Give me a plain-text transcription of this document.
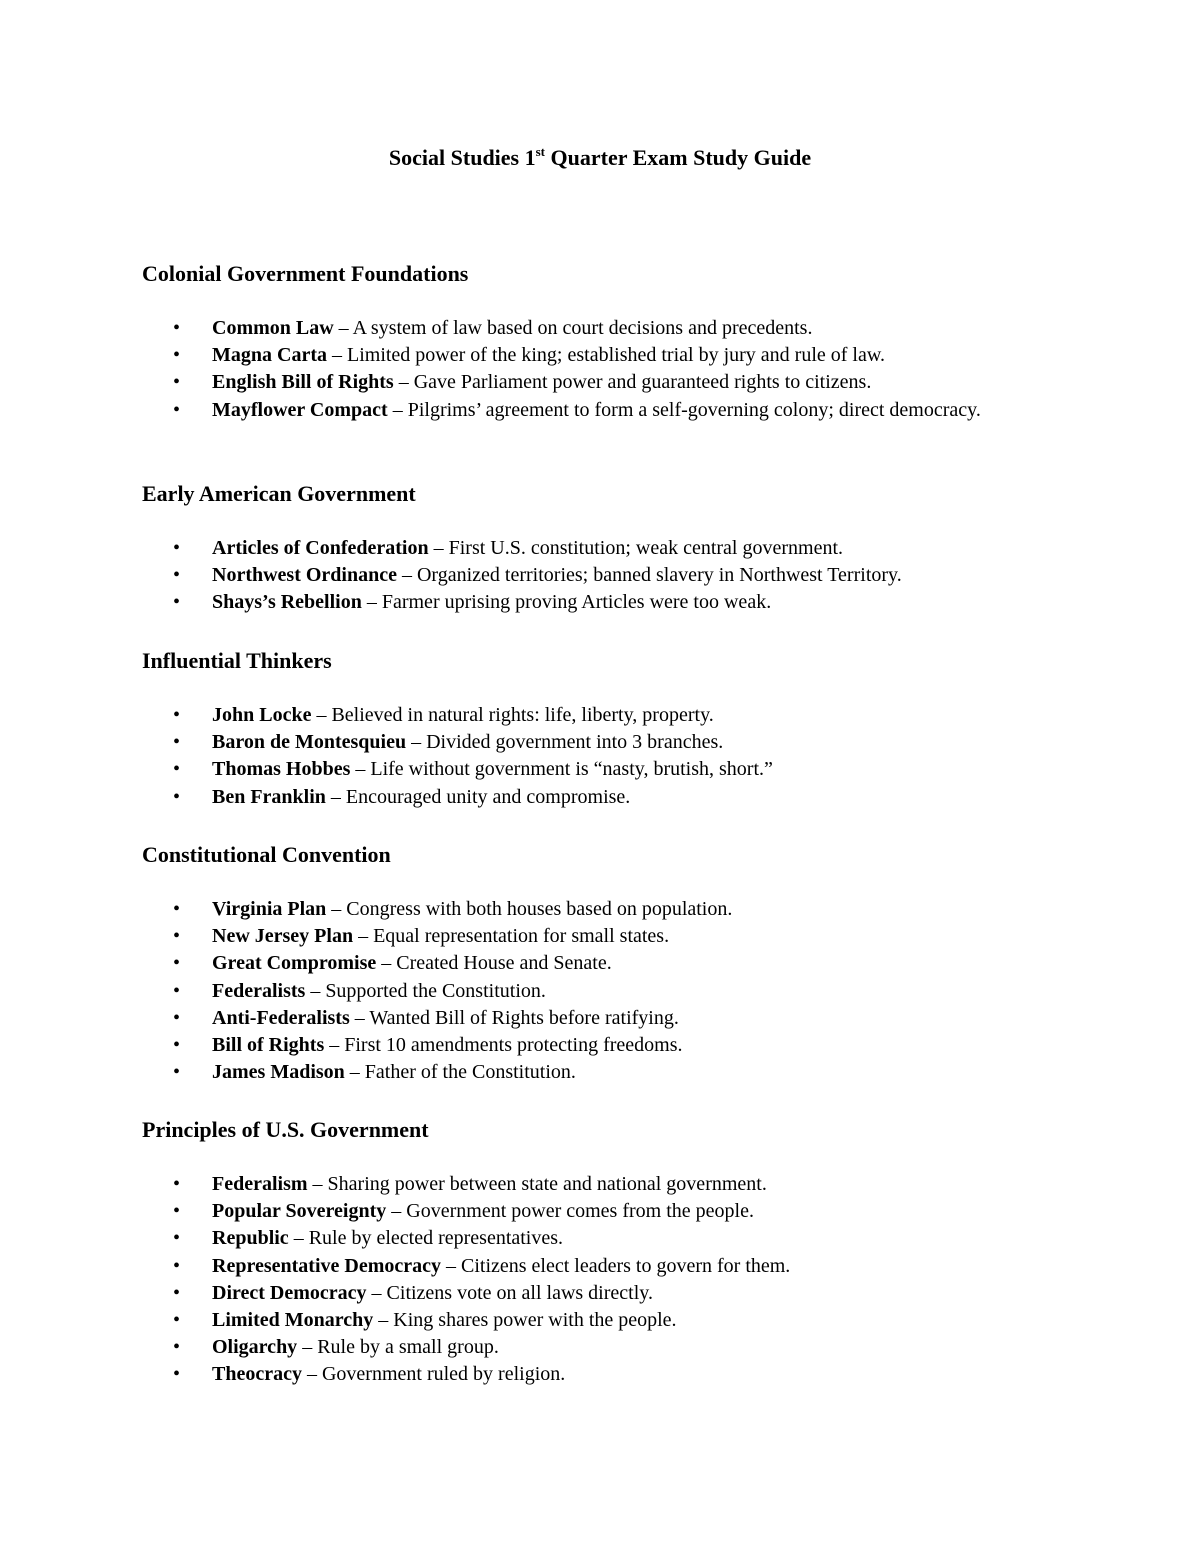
Social Studies 1st Quarter Exam Study Guide
Colonial Government Foundations
• Common Law – A system of law based on court decisions and precedents.
• Magna Carta – Limited power of the king; established trial by jury and rule of law.
• English Bill of Rights – Gave Parliament power and guaranteed rights to citizens.
• Mayflower Compact – Pilgrims’ agreement to form a self-governing colony; direct democracy.
Early American Government
• Articles of Confederation – First U.S. constitution; weak central government.
• Northwest Ordinance – Organized territories; banned slavery in Northwest Territory.
• Shays’s Rebellion – Farmer uprising proving Articles were too weak.
Influential Thinkers
• John Locke – Believed in natural rights: life, liberty, property.
• Baron de Montesquieu – Divided government into 3 branches.
• Thomas Hobbes – Life without government is “nasty, brutish, short.”
• Ben Franklin – Encouraged unity and compromise.
Constitutional Convention
• Virginia Plan – Congress with both houses based on population.
• New Jersey Plan – Equal representation for small states.
• Great Compromise – Created House and Senate.
• Federalists – Supported the Constitution.
• Anti-Federalists – Wanted Bill of Rights before ratifying.
• Bill of Rights – First 10 amendments protecting freedoms.
• James Madison – Father of the Constitution.
Principles of U.S. Government
• Federalism – Sharing power between state and national government.
• Popular Sovereignty – Government power comes from the people.
• Republic – Rule by elected representatives.
• Representative Democracy – Citizens elect leaders to govern for them.
• Direct Democracy – Citizens vote on all laws directly.
• Limited Monarchy – King shares power with the people.
• Oligarchy – Rule by a small group.
• Theocracy – Government ruled by religion.
